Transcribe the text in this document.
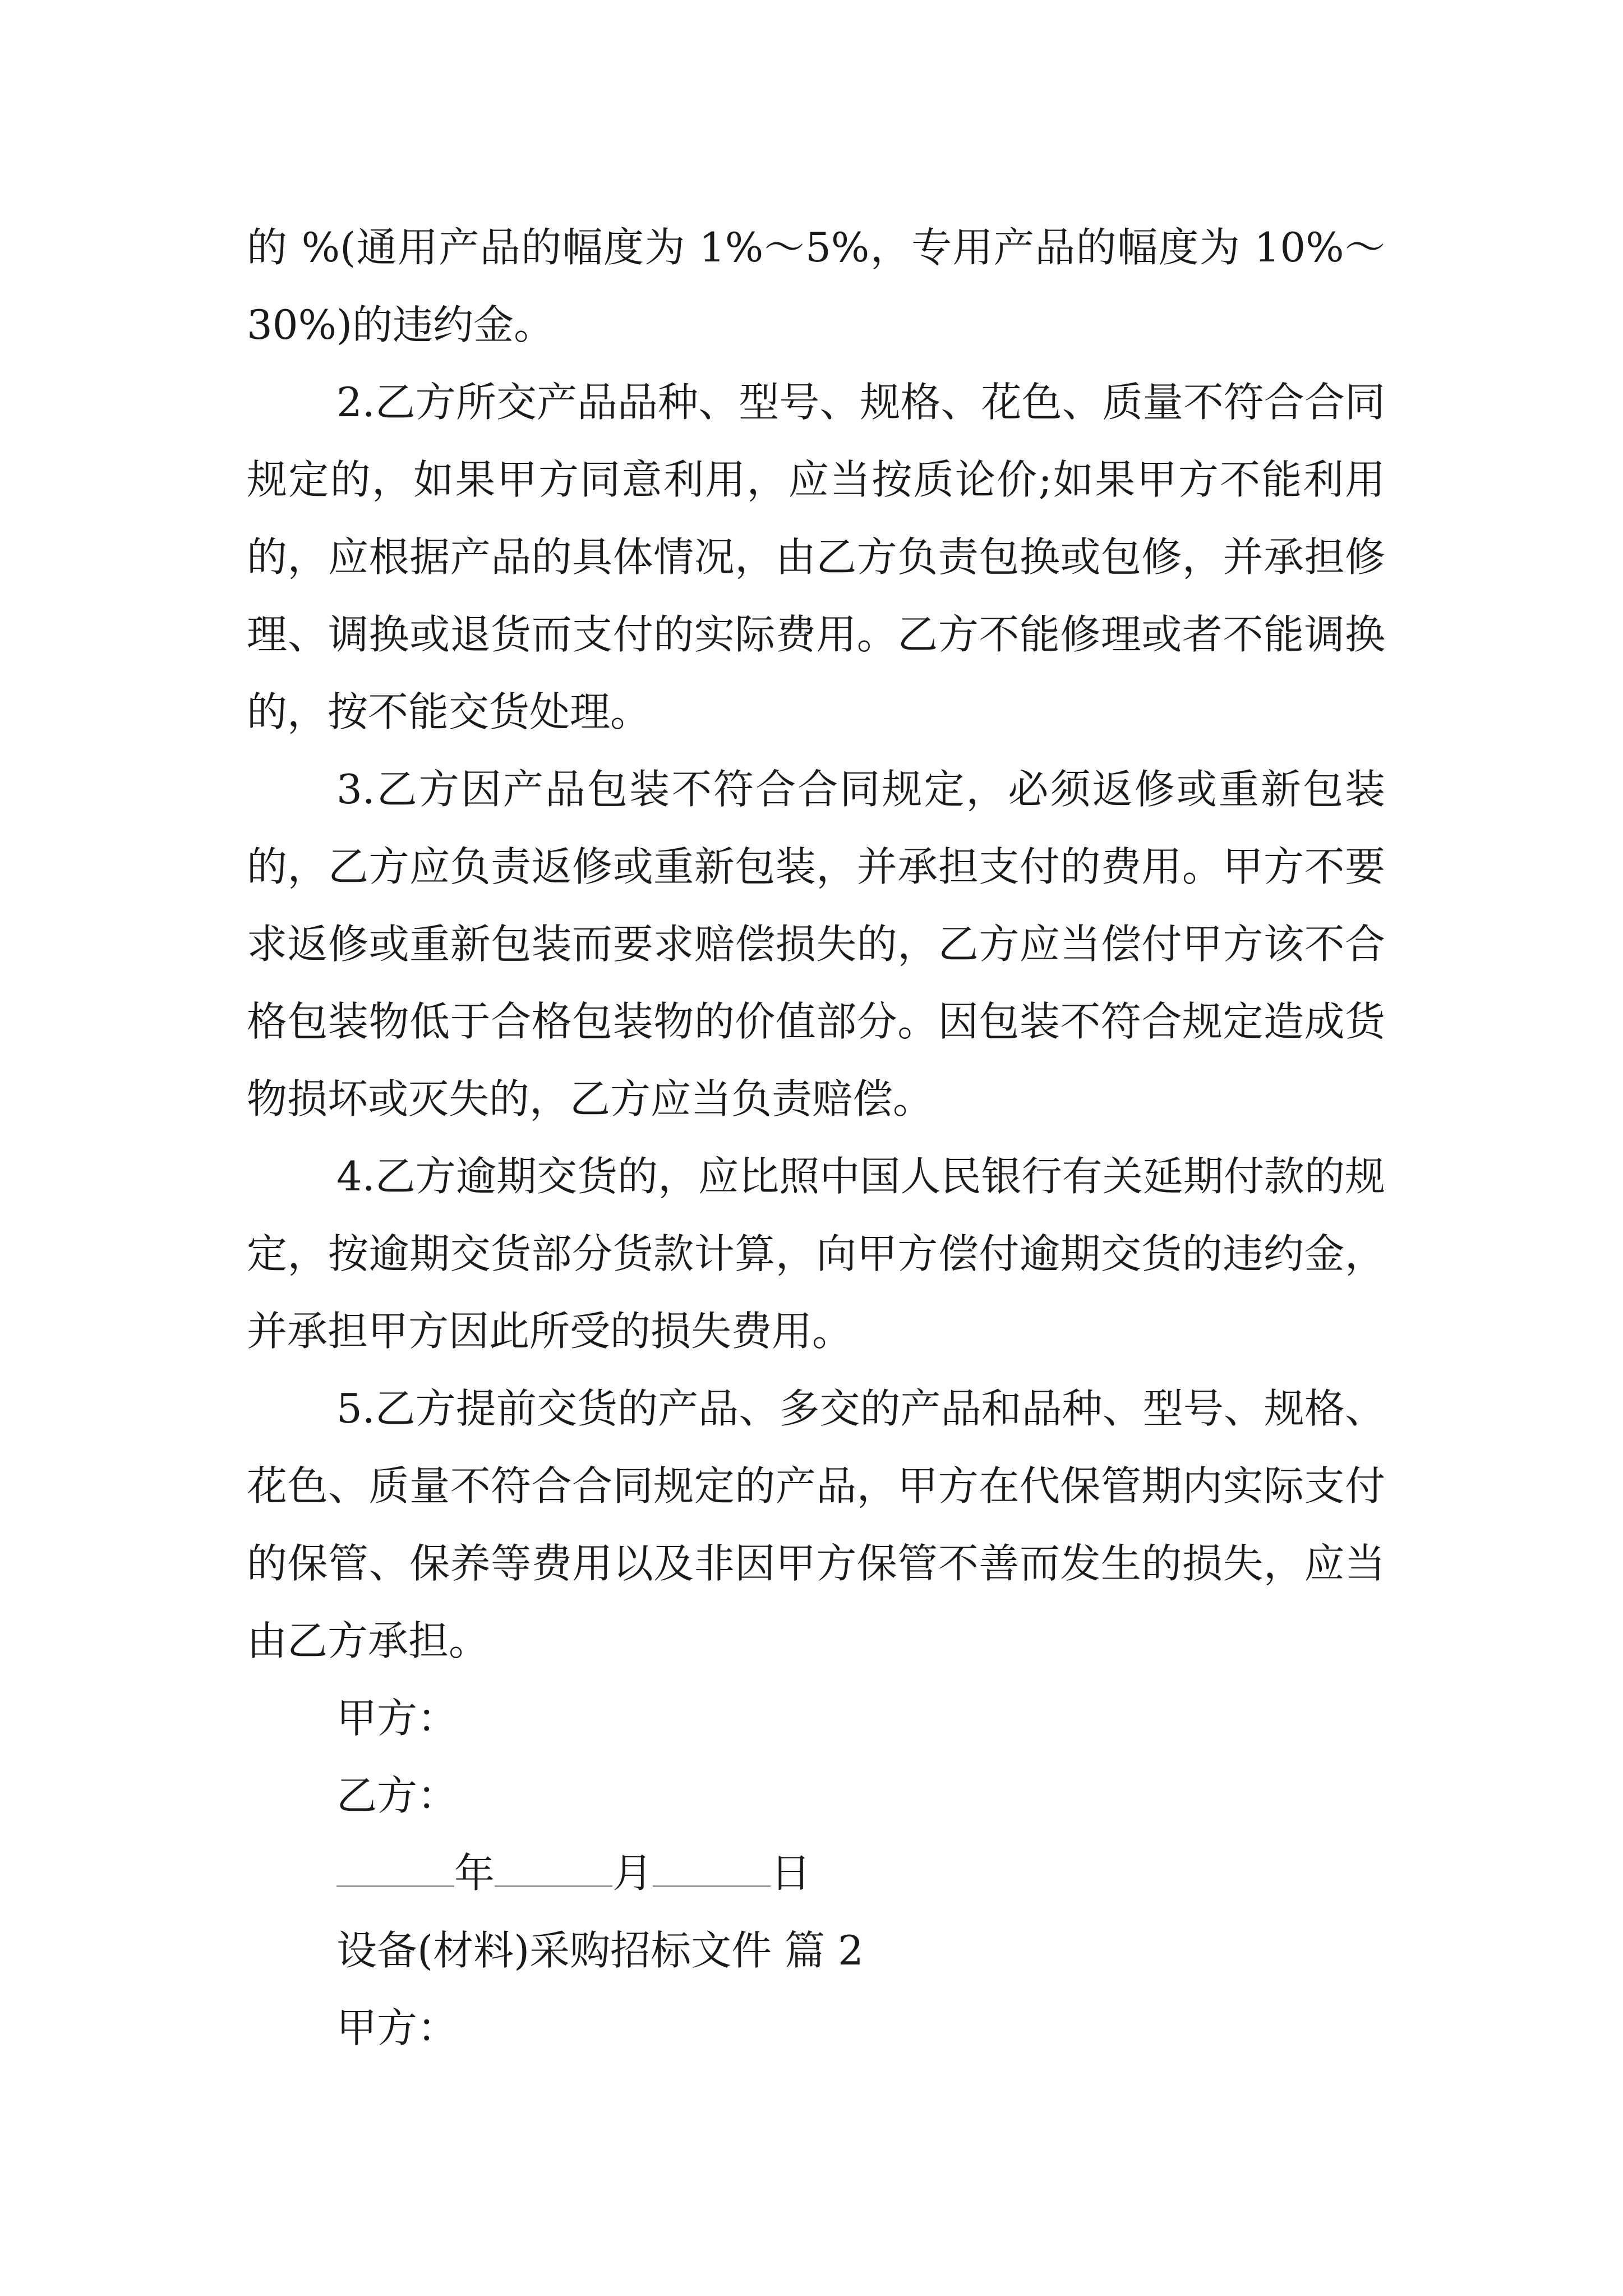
的 %(通用产品的幅度为 1%～5%，专用产品的幅度为 10%～30%)的违约金。

2.乙方所交产品品种、型号、规格、花色、质量不符合合同规定的，如果甲方同意利用，应当按质论价;如果甲方不能利用的，应根据产品的具体情况，由乙方负责包换或包修，并承担修理、调换或退货而支付的实际费用。乙方不能修理或者不能调换的，按不能交货处理。

3.乙方因产品包装不符合合同规定，必须返修或重新包装的，乙方应负责返修或重新包装，并承担支付的费用。甲方不要求返修或重新包装而要求赔偿损失的，乙方应当偿付甲方该不合格包装物低于合格包装物的价值部分。因包装不符合规定造成货物损坏或灭失的，乙方应当负责赔偿。

4.乙方逾期交货的，应比照中国人民银行有关延期付款的规定，按逾期交货部分货款计算，向甲方偿付逾期交货的违约金，并承担甲方因此所受的损失费用。

5.乙方提前交货的产品、多交的产品和品种、型号、规格、花色、质量不符合合同规定的产品，甲方在代保管期内实际支付的保管、保养等费用以及非因甲方保管不善而发生的损失，应当由乙方承担。

甲方：
乙方：
年	月	日
设备(材料)采购招标文件 篇 2
甲方：
